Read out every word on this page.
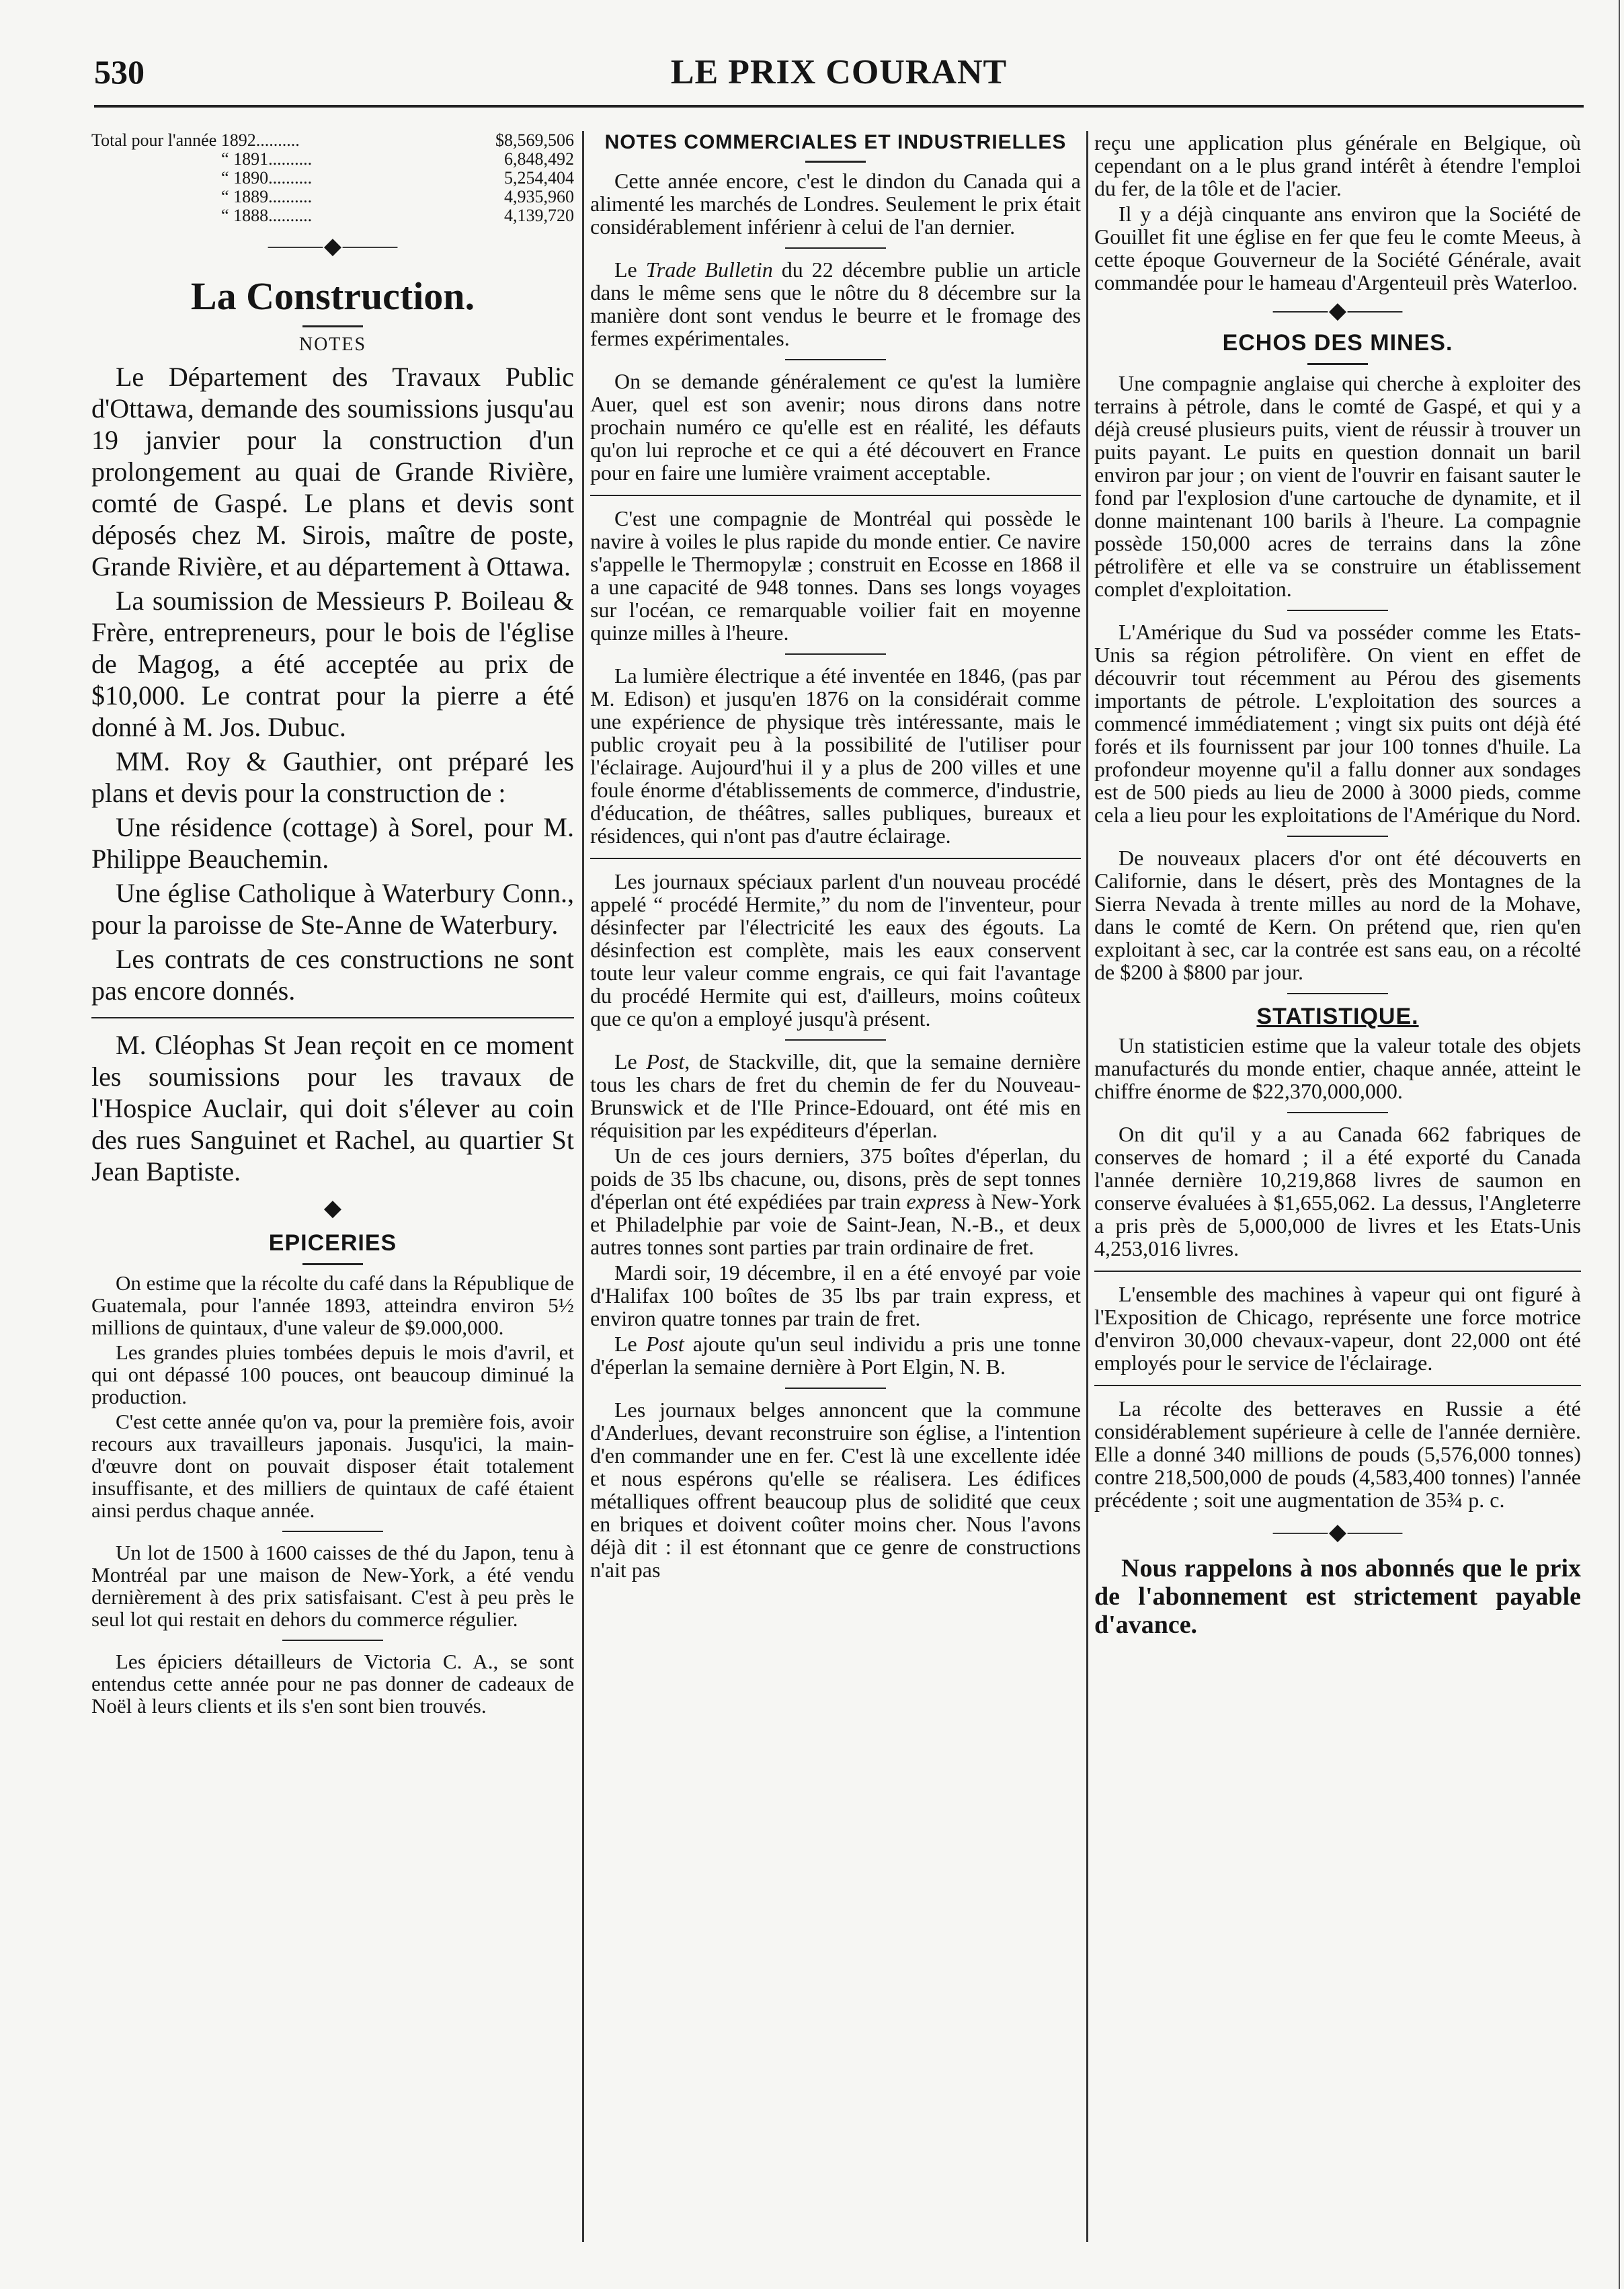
530	LE PRIX COURANT
Total pour l'année 1892..........	$8,569,506
“ 1891..........	6,848,492
“ 1890..........	5,254,404
“ 1889..........	4,935,960
“ 1888..........	4,139,720
⸻◆⸻
La Construction.
NOTES

Le Département des Travaux Public d'Ottawa, demande des soumissions jusqu'au 19 janvier pour la construction d'un prolongement au quai de Grande Rivière, comté de Gaspé. Le plans et devis sont déposés chez M. Sirois, maître de poste, Grande Rivière, et au département à Ottawa.

La soumission de Messieurs P. Boileau & Frère, entrepreneurs, pour le bois de l'église de Magog, a été acceptée au prix de $10,000. Le contrat pour la pierre a été donné à M. Jos. Dubuc.

MM. Roy & Gauthier, ont préparé les plans et devis pour la construction de :

Une résidence (cottage) à Sorel, pour M. Philippe Beauchemin.

Une église Catholique à Waterbury Conn., pour la paroisse de Ste-Anne de Waterbury.

Les contrats de ces constructions ne sont pas encore donnés.

M. Cléophas St Jean reçoit en ce moment les soumissions pour les travaux de l'Hospice Auclair, qui doit s'élever au coin des rues Sanguinet et Rachel, au quartier St Jean Baptiste.

◆
EPICERIES

On estime que la récolte du café dans la République de Guatemala, pour l'année 1893, atteindra environ 5½ millions de quintaux, d'une valeur de $9.000,000.

Les grandes pluies tombées depuis le mois d'avril, et qui ont dépassé 100 pouces, ont beaucoup diminué la production.

C'est cette année qu'on va, pour la première fois, avoir recours aux travailleurs japonais. Jusqu'ici, la main-d'œuvre dont on pouvait disposer était totalement insuffisante, et des milliers de quintaux de café étaient ainsi perdus chaque année.

Un lot de 1500 à 1600 caisses de thé du Japon, tenu à Montréal par une maison de New-York, a été vendu dernièrement à des prix satisfaisant. C'est à peu près le seul lot qui restait en dehors du commerce régulier.

Les épiciers détailleurs de Victoria C. A., se sont entendus cette année pour ne pas donner de cadeaux de Noël à leurs clients et ils s'en sont bien trouvés.

NOTES COMMERCIALES ET INDUSTRIELLES

Cette année encore, c'est le dindon du Canada qui a alimenté les marchés de Londres. Seulement le prix était considérablement inférienr à celui de l'an dernier.

Le Trade Bulletin du 22 décembre publie un article dans le même sens que le nôtre du 8 décembre sur la manière dont sont vendus le beurre et le fromage des fermes expérimentales.

On se demande généralement ce qu'est la lumière Auer, quel est son avenir; nous dirons dans notre prochain numéro ce qu'elle est en réalité, les défauts qu'on lui reproche et ce qui a été découvert en France pour en faire une lumière vraiment acceptable.

C'est une compagnie de Montréal qui possède le navire à voiles le plus rapide du monde entier. Ce navire s'appelle le Thermopylæ ; construit en Ecosse en 1868 il a une capacité de 948 tonnes. Dans ses longs voyages sur l'océan, ce remarquable voilier fait en moyenne quinze milles à l'heure.

La lumière électrique a été inventée en 1846, (pas par M. Edison) et jusqu'en 1876 on la considérait comme une expérience de physique très intéressante, mais le public croyait peu à la possibilité de l'utiliser pour l'éclairage. Aujourd'hui il y a plus de 200 villes et une foule énorme d'établissements de commerce, d'industrie, d'éducation, de théâtres, salles publiques, bureaux et résidences, qui n'ont pas d'autre éclairage.

Les journaux spéciaux parlent d'un nouveau procédé appelé “ procédé Hermite,” du nom de l'inventeur, pour désinfecter par l'électricité les eaux des égouts. La désinfection est complète, mais les eaux conservent toute leur valeur comme engrais, ce qui fait l'avantage du procédé Hermite qui est, d'ailleurs, moins coûteux que ce qu'on a employé jusqu'à présent.

Le Post, de Stackville, dit, que la semaine dernière tous les chars de fret du chemin de fer du Nouveau-Brunswick et de l'Ile Prince-Edouard, ont été mis en réquisition par les expéditeurs d'éperlan.

Un de ces jours derniers, 375 boîtes d'éperlan, du poids de 35 lbs chacune, ou, disons, près de sept tonnes d'éperlan ont été expédiées par train express à New-York et Philadelphie par voie de Saint-Jean, N.-B., et deux autres tonnes sont parties par train ordinaire de fret.

Mardi soir, 19 décembre, il en a été envoyé par voie d'Halifax 100 boîtes de 35 lbs par train express, et environ quatre tonnes par train de fret.

Le Post ajoute qu'un seul individu a pris une tonne d'éperlan la semaine dernière à Port Elgin, N. B.

Les journaux belges annoncent que la commune d'Anderlues, devant reconstruire son église, a l'intention d'en commander une en fer. C'est là une excellente idée et nous espérons qu'elle se réalisera. Les édifices métalliques offrent beaucoup plus de solidité que ceux en briques et doivent coûter moins cher. Nous l'avons déjà dit : il est étonnant que ce genre de constructions n'ait pas

reçu une application plus générale en Belgique, où cependant on a le plus grand intérêt à étendre l'emploi du fer, de la tôle et de l'acier.

Il y a déjà cinquante ans environ que la Société de Gouillet fit une église en fer que feu le comte Meeus, à cette époque Gouverneur de la Société Générale, avait commandée pour le hameau d'Argenteuil près Waterloo.

⸻◆⸻
ECHOS DES MINES.

Une compagnie anglaise qui cherche à exploiter des terrains à pétrole, dans le comté de Gaspé, et qui y a déjà creusé plusieurs puits, vient de réussir à trouver un puits payant. Le puits en question donnait un baril environ par jour ; on vient de l'ouvrir en faisant sauter le fond par l'explosion d'une cartouche de dynamite, et il donne maintenant 100 barils à l'heure. La compagnie possède 150,000 acres de terrains dans la zône pétrolifère et elle va se construire un établissement complet d'exploitation.

L'Amérique du Sud va posséder comme les Etats-Unis sa région pétrolifère. On vient en effet de découvrir tout récemment au Pérou des gisements importants de pétrole. L'exploitation des sources a commencé immédiatement ; vingt six puits ont déjà été forés et ils fournissent par jour 100 tonnes d'huile. La profondeur moyenne qu'il a fallu donner aux sondages est de 500 pieds au lieu de 2000 à 3000 pieds, comme cela a lieu pour les exploitations de l'Amérique du Nord.

De nouveaux placers d'or ont été découverts en Californie, dans le désert, près des Montagnes de la Sierra Nevada à trente milles au nord de la Mohave, dans le comté de Kern. On prétend que, rien qu'en exploitant à sec, car la contrée est sans eau, on a récolté de $200 à $800 par jour.

STATISTIQUE.

Un statisticien estime que la valeur totale des objets manufacturés du monde entier, chaque année, atteint le chiffre énorme de $22,370,000,000.

On dit qu'il y a au Canada 662 fabriques de conserves de homard ; il a été exporté du Canada l'année dernière 10,219,868 livres de saumon en conserve évaluées à $1,655,062. La dessus, l'Angleterre a pris près de 5,000,000 de livres et les Etats-Unis 4,253,016 livres.

L'ensemble des machines à vapeur qui ont figuré à l'Exposition de Chicago, représente une force motrice d'environ 30,000 chevaux-vapeur, dont 22,000 ont été employés pour le service de l'éclairage.

La récolte des betteraves en Russie a été considérablement supérieure à celle de l'année dernière. Elle a donné 340 millions de pouds (5,576,000 tonnes) contre 218,500,000 de pouds (4,583,400 tonnes) l'année précédente ; soit une augmentation de 35¾ p. c.

⸻◆⸻

Nous rappelons à nos abonnés que le prix de l'abonnement est strictement payable d'avance.
